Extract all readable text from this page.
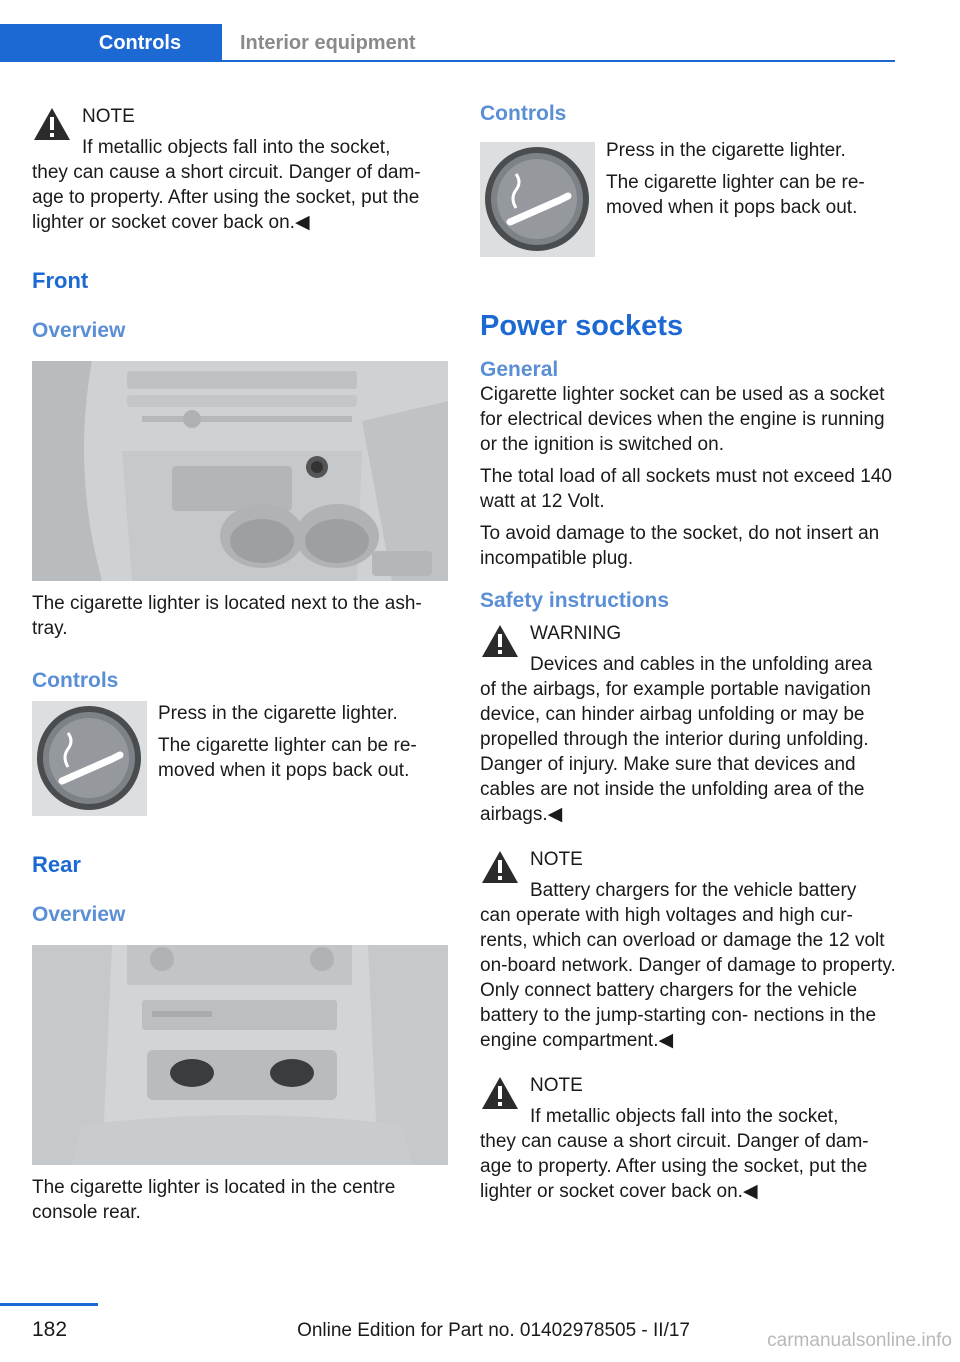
Controls	Interior equipment
NOTE
If metallic objects fall into the socket,
they can cause a short circuit. Danger of dam‐ age to property. After using the socket, put the lighter or socket cover back on.◀
Front
Overview

The cigarette lighter is located next to the ash‐ tray.

Controls

Press in the cigarette lighter.

The cigarette lighter can be re‐ moved when it pops back out.

Rear
Overview

The cigarette lighter is located in the centre console rear.

Controls

Press in the cigarette lighter.

The cigarette lighter can be re‐ moved when it pops back out.

Power sockets
General

Cigarette lighter socket can be used as a socket for electrical devices when the engine is running or the ignition is switched on.

The total load of all sockets must not exceed 140 watt at 12 Volt.

To avoid damage to the socket, do not insert an incompatible plug.

Safety instructions
WARNING
Devices and cables in the unfolding area
of the airbags, for example portable navigation device, can hinder airbag unfolding or may be propelled through the interior during unfolding. Danger of injury. Make sure that devices and cables are not inside the unfolding area of the airbags.◀
NOTE
Battery chargers for the vehicle battery
can operate with high voltages and high cur‐ rents, which can overload or damage the 12 volt on-board network. Danger of damage to property. Only connect battery chargers for the vehicle battery to the jump-starting con‐ nections in the engine compartment.◀
NOTE
If metallic objects fall into the socket,
they can cause a short circuit. Danger of dam‐ age to property. After using the socket, put the lighter or socket cover back on.◀
182	Online Edition for Part no. 01402978505 - II/17	carmanualsonline.info
